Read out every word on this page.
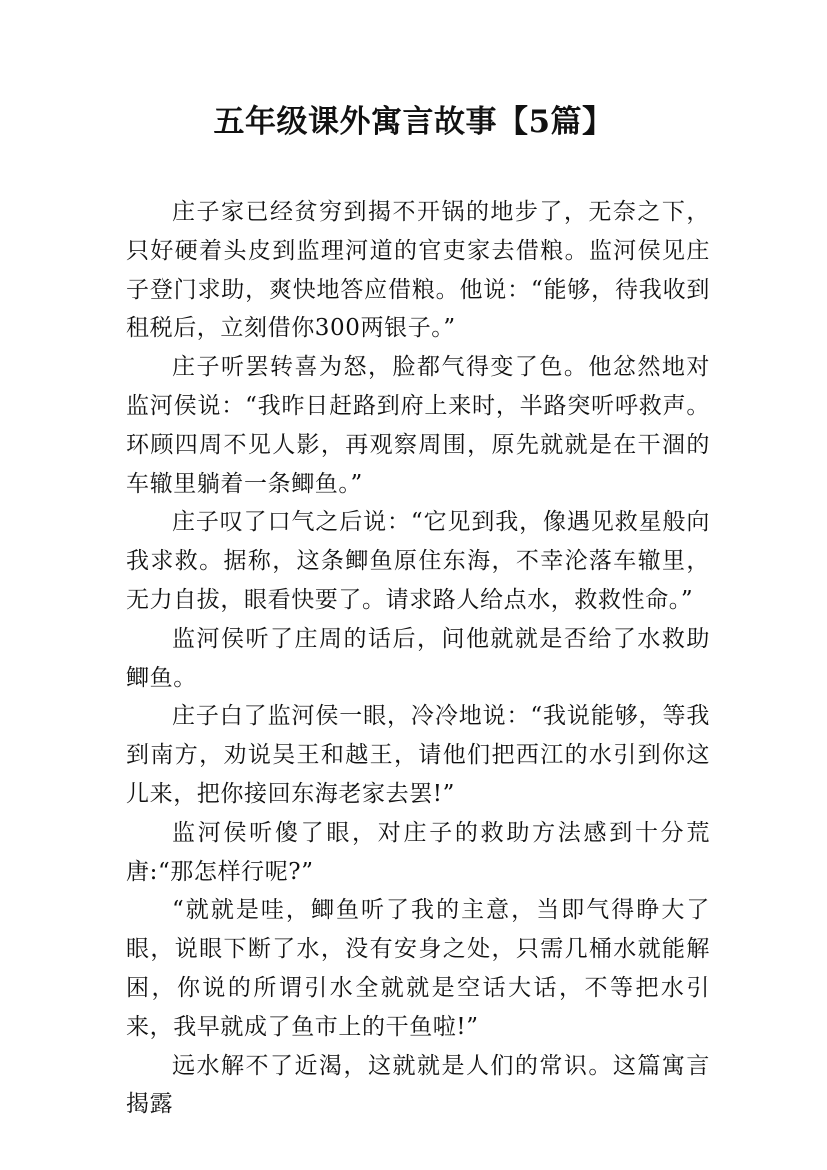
五年级课外寓言故事【5篇】

庄子家已经贫穷到揭不开锅的地步了，无奈之下，只好硬着头皮到监理河道的官吏家去借粮。监河侯见庄子登门求助，爽快地答应借粮。他说：“能够，待我收到租税后，立刻借你300两银子。”

庄子听罢转喜为怒，脸都气得变了色。他忿然地对监河侯说：“我昨日赶路到府上来时，半路突听呼救声。环顾四周不见人影，再观察周围，原先就就是在干涸的车辙里躺着一条鲫鱼。”

庄子叹了口气之后说：“它见到我，像遇见救星般向我求救。据称，这条鲫鱼原住东海，不幸沦落车辙里，无力自拔，眼看快要了。请求路人给点水，救救性命。”

监河侯听了庄周的话后，问他就就是否给了水救助鲫鱼。

庄子白了监河侯一眼，冷冷地说：“我说能够，等我到南方，劝说吴王和越王，请他们把西江的水引到你这儿来，把你接回东海老家去罢!”

监河侯听傻了眼，对庄子的救助方法感到十分荒唐:“那怎样行呢?”

“就就是哇，鲫鱼听了我的主意，当即气得睁大了眼，说眼下断了水，没有安身之处，只需几桶水就能解困，你说的所谓引水全就就是空话大话，不等把水引来，我早就成了鱼市上的干鱼啦!”

远水解不了近渴，这就就是人们的常识。这篇寓言揭露
